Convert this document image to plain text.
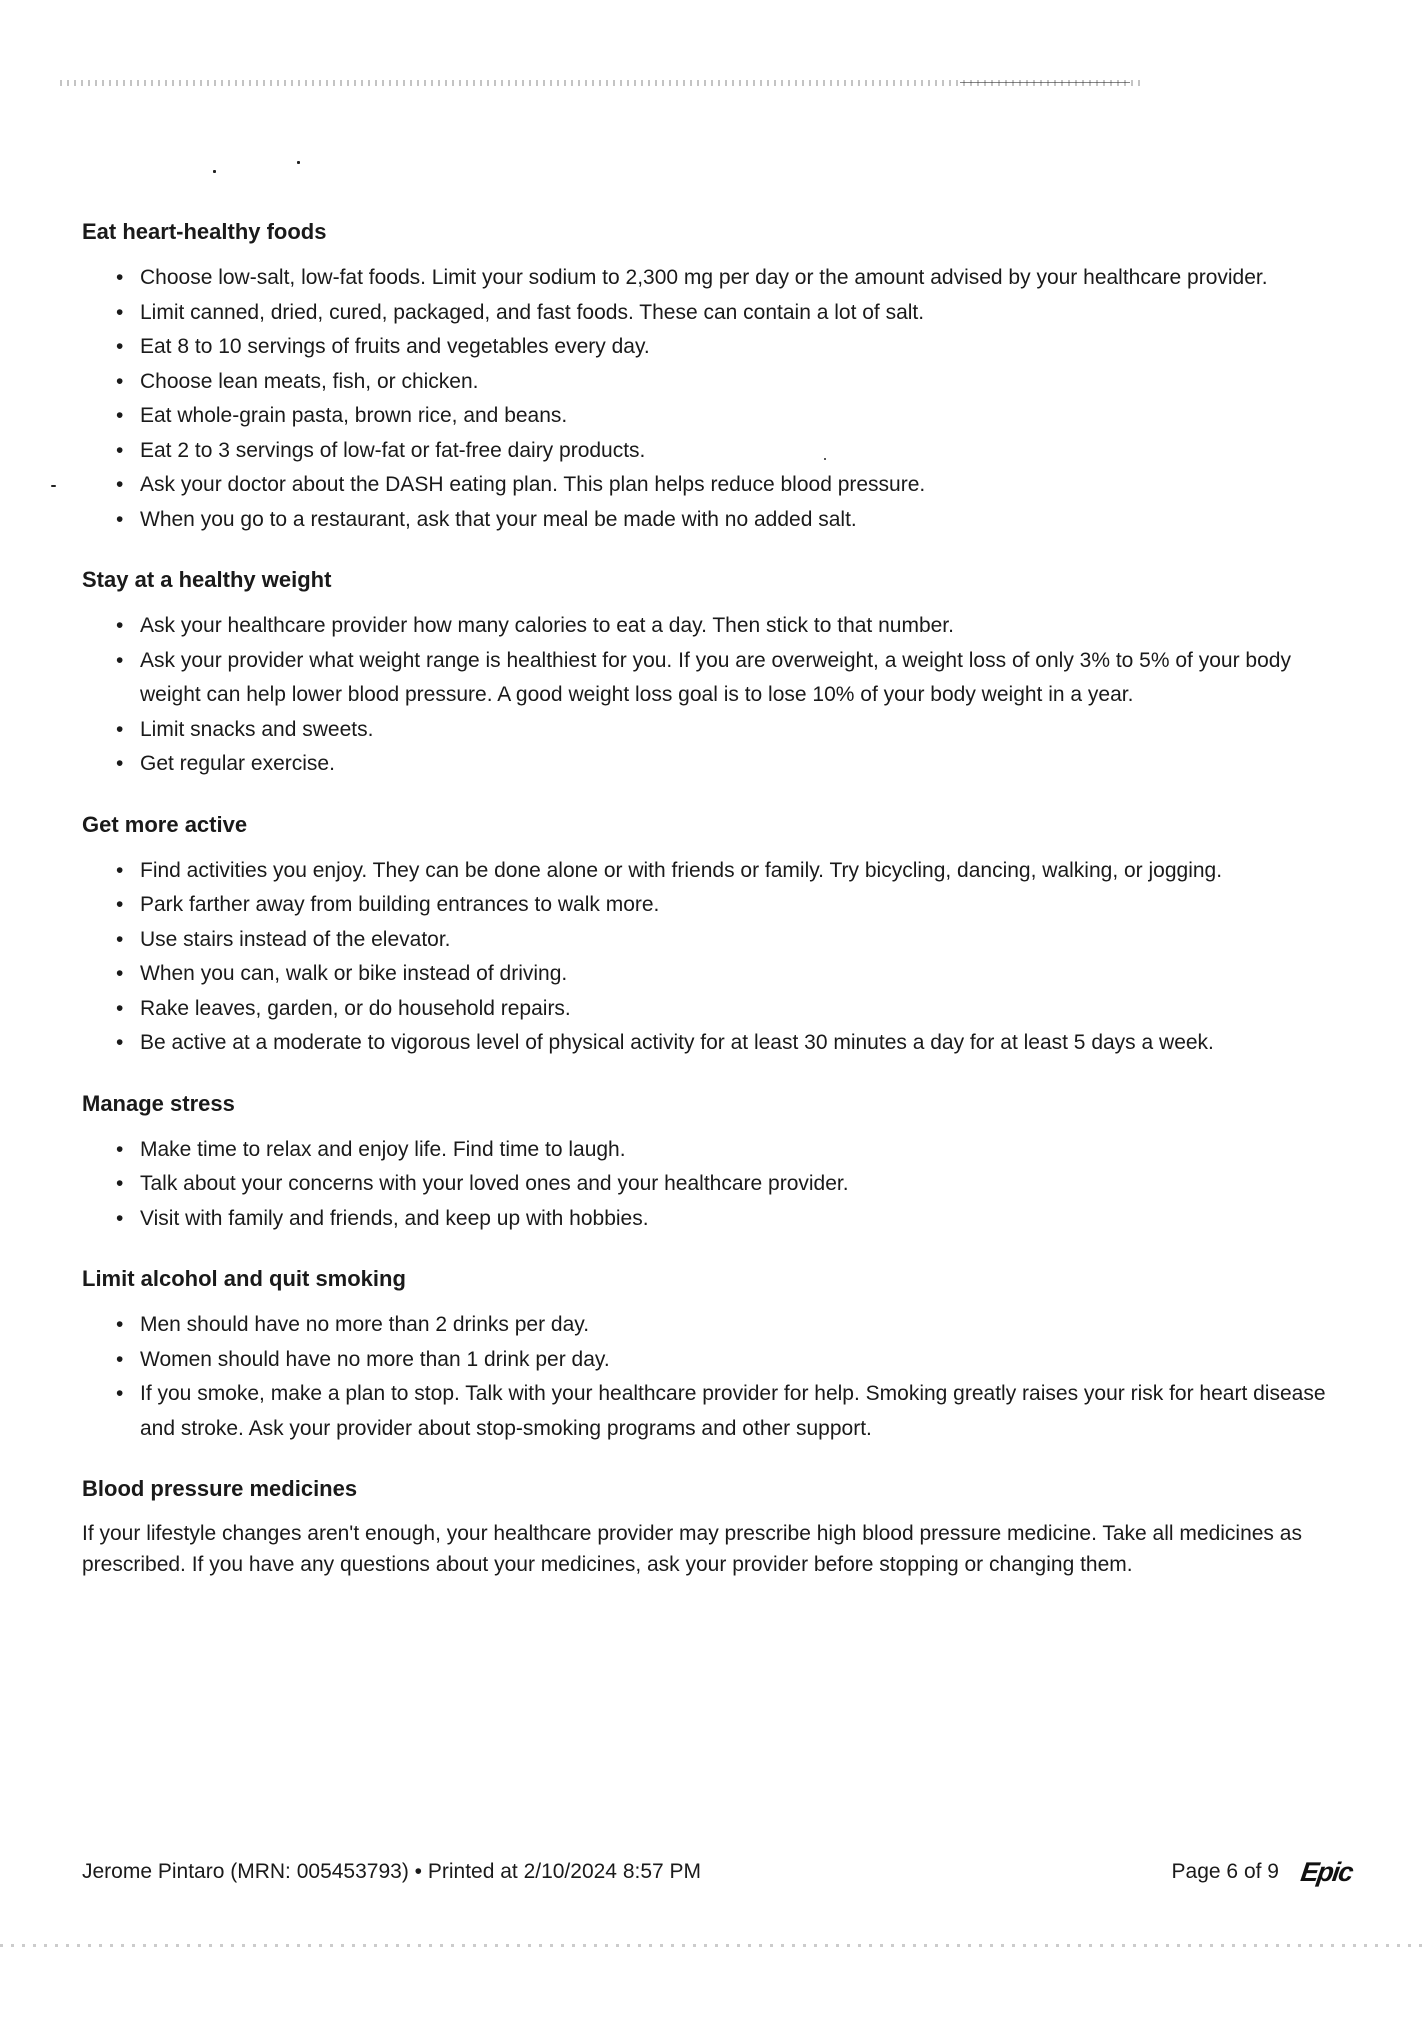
Eat heart-healthy foods
• Choose low-salt, low-fat foods. Limit your sodium to 2,300 mg per day or the amount advised by your healthcare provider.
• Limit canned, dried, cured, packaged, and fast foods. These can contain a lot of salt.
• Eat 8 to 10 servings of fruits and vegetables every day.
• Choose lean meats, fish, or chicken.
• Eat whole-grain pasta, brown rice, and beans.
• Eat 2 to 3 servings of low-fat or fat-free dairy products.
• Ask your doctor about the DASH eating plan. This plan helps reduce blood pressure.
• When you go to a restaurant, ask that your meal be made with no added salt.
Stay at a healthy weight
• Ask your healthcare provider how many calories to eat a day. Then stick to that number.
• Ask your provider what weight range is healthiest for you. If you are overweight, a weight loss of only 3% to 5% of your body weight can help lower blood pressure. A good weight loss goal is to lose 10% of your body weight in a year.
• Limit snacks and sweets.
• Get regular exercise.
Get more active
• Find activities you enjoy. They can be done alone or with friends or family. Try bicycling, dancing, walking, or jogging.
• Park farther away from building entrances to walk more.
• Use stairs instead of the elevator.
• When you can, walk or bike instead of driving.
• Rake leaves, garden, or do household repairs.
• Be active at a moderate to vigorous level of physical activity for at least 30 minutes a day for at least 5 days a week.
Manage stress
• Make time to relax and enjoy life. Find time to laugh.
• Talk about your concerns with your loved ones and your healthcare provider.
• Visit with family and friends, and keep up with hobbies.
Limit alcohol and quit smoking
• Men should have no more than 2 drinks per day.
• Women should have no more than 1 drink per day.
• If you smoke, make a plan to stop. Talk with your healthcare provider for help. Smoking greatly raises your risk for heart disease and stroke. Ask your provider about stop-smoking programs and other support.
Blood pressure medicines

If your lifestyle changes aren't enough, your healthcare provider may prescribe high blood pressure medicine. Take all medicines as prescribed. If you have any questions about your medicines, ask your provider before stopping or changing them.

Jerome Pintaro (MRN: 005453793) • Printed at 2/10/2024 8:57 PM	Page 6 of 9 Epic
